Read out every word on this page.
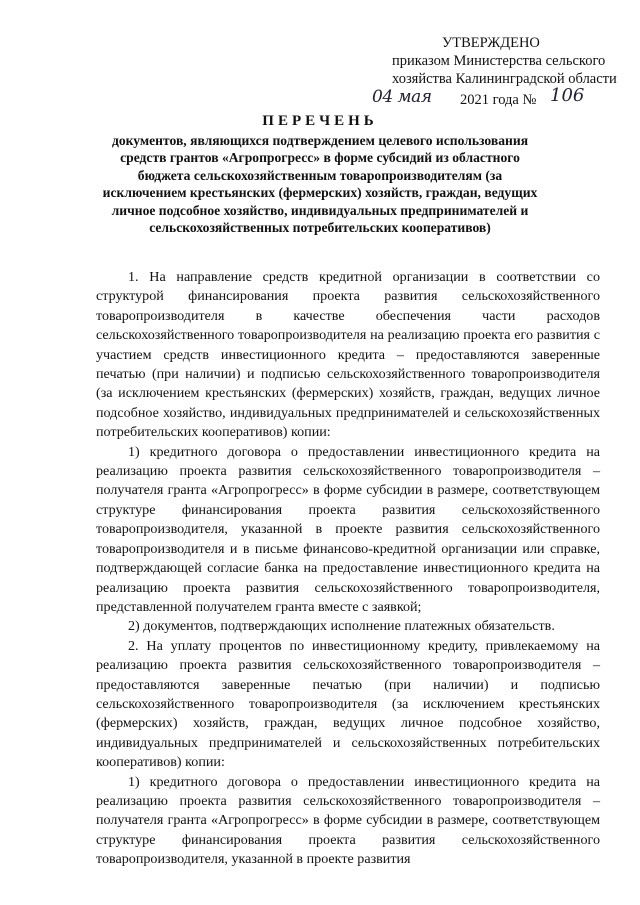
УТВЕРЖДЕНО
приказом Министерства сельского
хозяйства Калининградской области
04 мая 2021 года № 106
ПЕРЕЧЕНЬ
документов, являющихся подтверждением целевого использования средств грантов «Агропрогресс» в форме субсидий из областного бюджета сельскохозяйственным товаропроизводителям (за исключением крестьянских (фермерских) хозяйств, граждан, ведущих личное подсобное хозяйство, индивидуальных предпринимателей и сельскохозяйственных потребительских кооперативов)

1. На направление средств кредитной организации в соответствии со структурой финансирования проекта развития сельскохозяйственного товаропроизводителя в качестве обеспечения части расходов сельскохозяйственного товаропроизводителя на реализацию проекта его развития с участием средств инвестиционного кредита – предоставляются заверенные печатью (при наличии) и подписью сельскохозяйственного товаропроизводителя (за исключением крестьянских (фермерских) хозяйств, граждан, ведущих личное подсобное хозяйство, индивидуальных предпринимателей и сельскохозяйственных потребительских кооперативов) копии:

1) кредитного договора о предоставлении инвестиционного кредита на реализацию проекта развития сельскохозяйственного товаропроизводителя – получателя гранта «Агропрогресс» в форме субсидии в размере, соответствующем структуре финансирования проекта развития сельскохозяйственного товаропроизводителя, указанной в проекте развития сельскохозяйственного товаропроизводителя и в письме финансово-кредитной организации или справке, подтверждающей согласие банка на предоставление инвестиционного кредита на реализацию проекта развития сельскохозяйственного товаропроизводителя, представленной получателем гранта вместе с заявкой;

2) документов, подтверждающих исполнение платежных обязательств.

2. На уплату процентов по инвестиционному кредиту, привлекаемому на реализацию проекта развития сельскохозяйственного товаропроизводителя – предоставляются заверенные печатью (при наличии) и подписью сельскохозяйственного товаропроизводителя (за исключением крестьянских (фермерских) хозяйств, граждан, ведущих личное подсобное хозяйство, индивидуальных предпринимателей и сельскохозяйственных потребительских кооперативов) копии:

1) кредитного договора о предоставлении инвестиционного кредита на реализацию проекта развития сельскохозяйственного товаропроизводителя – получателя гранта «Агропрогресс» в форме субсидии в размере, соответствующем структуре финансирования проекта развития сельскохозяйственного товаропроизводителя, указанной в проекте развития
